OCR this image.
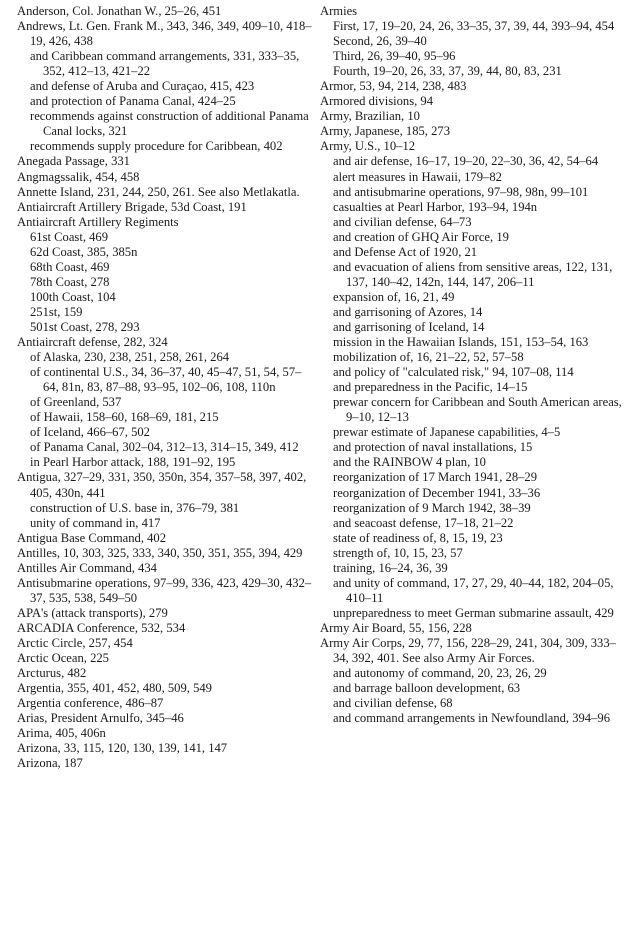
Anderson, Col. Jonathan W., 25–26, 451

Andrews, Lt. Gen. Frank M., 343, 346, 349, 409–10, 418–19, 426, 438

and Caribbean command arrangements, 331, 333–35, 352, 412–13, 421–22

and defense of Aruba and Curaçao, 415, 423

and protection of Panama Canal, 424–25

recommends against construction of additional Panama Canal locks, 321

recommends supply procedure for Caribbean, 402

Anegada Passage, 331

Angmagssalik, 454, 458

Annette Island, 231, 244, 250, 261. See also Metlakatla.

Antiaircraft Artillery Brigade, 53d Coast, 191

Antiaircraft Artillery Regiments

61st Coast, 469

62d Coast, 385, 385n

68th Coast, 469

78th Coast, 278

100th Coast, 104

251st, 159

501st Coast, 278, 293

Antiaircraft defense, 282, 324

of Alaska, 230, 238, 251, 258, 261, 264

of continental U.S., 34, 36–37, 40, 45–47, 51, 54, 57–64, 81n, 83, 87–88, 93–95, 102–06, 108, 110n

of Greenland, 537

of Hawaii, 158–60, 168–69, 181, 215

of Iceland, 466–67, 502

of Panama Canal, 302–04, 312–13, 314–15, 349, 412

in Pearl Harbor attack, 188, 191–92, 195

Antigua, 327–29, 331, 350, 350n, 354, 357–58, 397, 402, 405, 430n, 441

construction of U.S. base in, 376–79, 381

unity of command in, 417

Antigua Base Command, 402

Antilles, 10, 303, 325, 333, 340, 350, 351, 355, 394, 429

Antilles Air Command, 434

Antisubmarine operations, 97–99, 336, 423, 429–30, 432–37, 535, 538, 549–50

APA's (attack transports), 279

ARCADIA Conference, 532, 534

Arctic Circle, 257, 454

Arctic Ocean, 225

Arcturus, 482

Argentia, 355, 401, 452, 480, 509, 549

Argentia conference, 486–87

Arias, President Arnulfo, 345–46

Arima, 405, 406n

Arizona, 33, 115, 120, 130, 139, 141, 147

Arizona, 187

Armies

First, 17, 19–20, 24, 26, 33–35, 37, 39, 44, 393–94, 454

Second, 26, 39–40

Third, 26, 39–40, 95–96

Fourth, 19–20, 26, 33, 37, 39, 44, 80, 83, 231

Armor, 53, 94, 214, 238, 483

Armored divisions, 94

Army, Brazilian, 10

Army, Japanese, 185, 273

Army, U.S., 10–12

and air defense, 16–17, 19–20, 22–30, 36, 42, 54–64

alert measures in Hawaii, 179–82

and antisubmarine operations, 97–98, 98n, 99–101

casualties at Pearl Harbor, 193–94, 194n

and civilian defense, 64–73

and creation of GHQ Air Force, 19

and Defense Act of 1920, 21

and evacuation of aliens from sensitive areas, 122, 131, 137, 140–42, 142n, 144, 147, 206–11

expansion of, 16, 21, 49

and garrisoning of Azores, 14

and garrisoning of Iceland, 14

mission in the Hawaiian Islands, 151, 153–54, 163

mobilization of, 16, 21–22, 52, 57–58

and policy of "calculated risk," 94, 107–08, 114

and preparedness in the Pacific, 14–15

prewar concern for Caribbean and South American areas, 9–10, 12–13

prewar estimate of Japanese capabilities, 4–5

and protection of naval installations, 15

and the RAINBOW 4 plan, 10

reorganization of 17 March 1941, 28–29

reorganization of December 1941, 33–36

reorganization of 9 March 1942, 38–39

and seacoast defense, 17–18, 21–22

state of readiness of, 8, 15, 19, 23

strength of, 10, 15, 23, 57

training, 16–24, 36, 39

and unity of command, 17, 27, 29, 40–44, 182, 204–05, 410–11

unpreparedness to meet German submarine assault, 429

Army Air Board, 55, 156, 228

Army Air Corps, 29, 77, 156, 228–29, 241, 304, 309, 333–34, 392, 401. See also Army Air Forces.

and autonomy of command, 20, 23, 26, 29

and barrage balloon development, 63

and civilian defense, 68

and command arrangements in Newfoundland, 394–96
